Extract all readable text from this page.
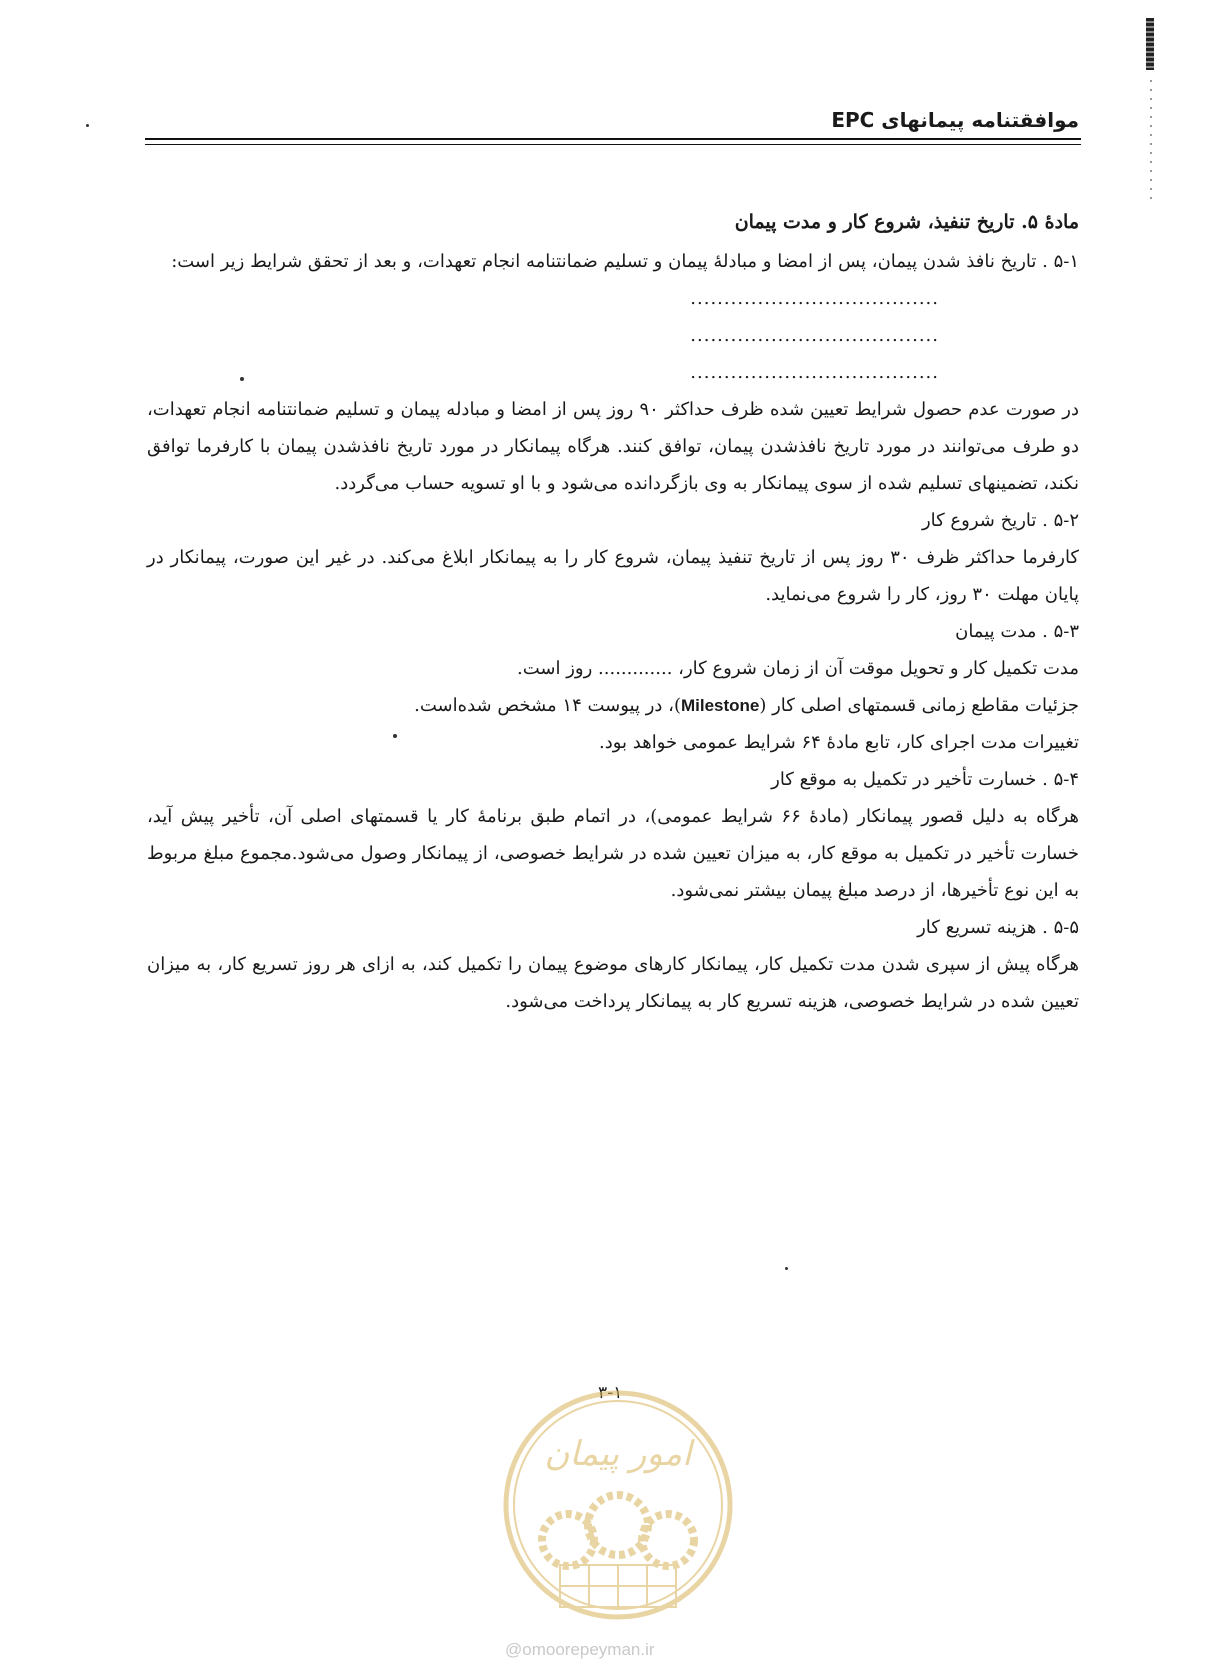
موافقتنامه پیمانهای EPC
مادهٔ ۵. تاریخ تنفیذ، شروع کار و مدت پیمان

۵-۱ . تاریخ نافذ شدن پیمان، پس از امضا و مبادلهٔ پیمان و تسلیم ضمانتنامه انجام تعهدات، و بعد از تحقق شرایط زیر است:

.....................................

.....................................

.....................................

در صورت عدم حصول شرایط تعیین شده ظرف حداکثر ۹۰ روز پس از امضا و مبادله پیمان و تسلیم ضمانتنامه انجام تعهدات، دو طرف می‌توانند در مورد تاریخ نافذشدن پیمان، توافق کنند. هرگاه پیمانکار در مورد تاریخ نافذشدن پیمان با کارفرما توافق نکند، تضمینهای تسلیم شده از سوی پیمانکار به وی بازگردانده می‌شود و با او تسویه حساب می‌گردد.

۵-۲ . تاریخ شروع کار

کارفرما حداکثر ظرف ۳۰ روز پس از تاریخ تنفیذ پیمان، شروع کار را به پیمانکار ابلاغ می‌کند. در غیر این صورت، پیمانکار در پایان مهلت ۳۰ روز، کار را شروع می‌نماید.

۵-۳ . مدت پیمان

مدت تکمیل کار و تحویل موقت آن از زمان شروع کار، ............. روز است.

جزئیات مقاطع زمانی قسمتهای اصلی کار (Milestone)، در پیوست ۱۴ مشخص شده‌است.

تغییرات مدت اجرای کار، تابع مادهٔ ۶۴ شرایط عمومی خواهد بود.

۵-۴ . خسارت تأخیر در تکمیل به موقع کار

هرگاه به دلیل قصور پیمانکار (مادهٔ ۶۶ شرایط عمومی)، در اتمام طبق برنامهٔ کار یا قسمتهای اصلی آن، تأخیر پیش آید، خسارت تأخیر در تکمیل به موقع کار، به میزان تعیین شده در شرایط خصوصی، از پیمانکار وصول می‌شود.مجموع مبلغ مربوط به این نوع تأخیرها، از درصد مبلغ پیمان بیشتر نمی‌شود.

۵-۵ . هزینه تسریع کار

هرگاه پیش از سپری شدن مدت تکمیل کار، پیمانکار کارهای موضوع پیمان را تکمیل کند، به ازای هر روز تسریع کار، به میزان تعیین شده در شرایط خصوصی، هزینه تسریع کار به پیمانکار پرداخت می‌شود.

۳-۱
امور پیمان
@omoorepeyman.ir
